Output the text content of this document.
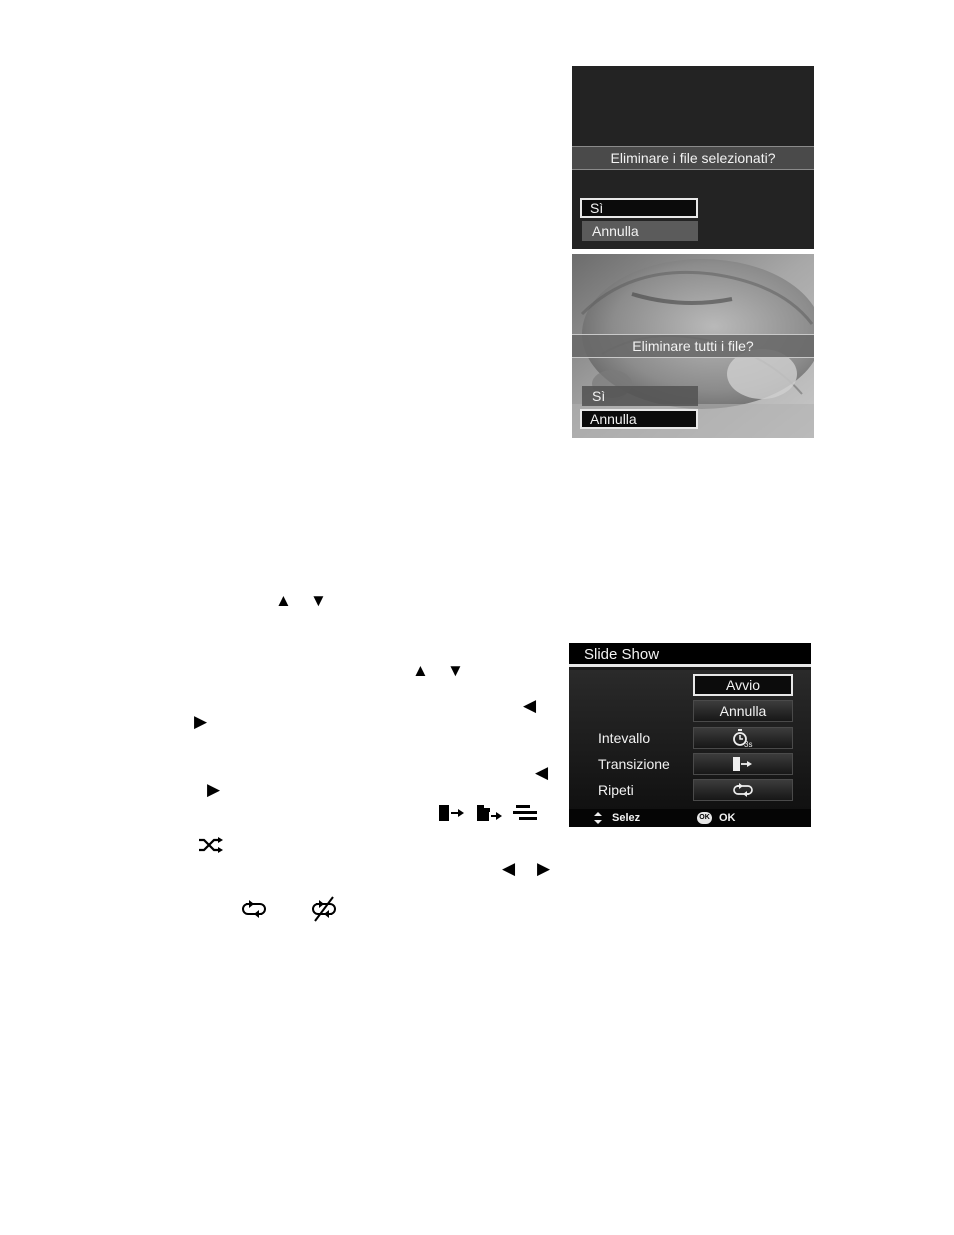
Eliminare i file selezionati?
Sì
Annulla
Eliminare tutti i file?
Sì
Annulla
▲ ▼
▲ ▼
◀
▶
◀
▶
◀ ▶
Slide Show
Avvio
Annulla
Intevallo	3s
Transizione
Ripeti
Selez	OK OK
